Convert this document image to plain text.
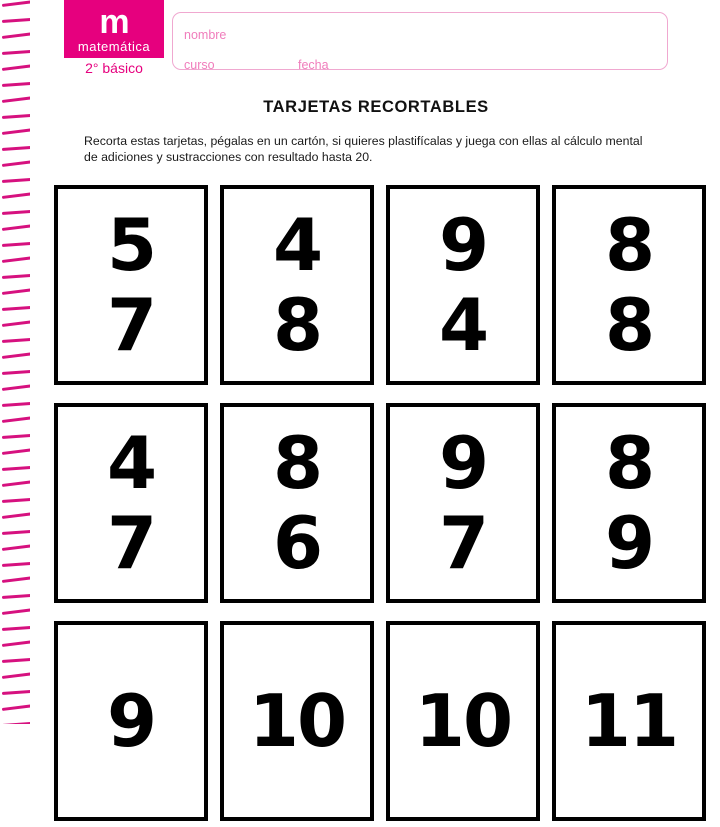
m
matemática
2° básico
nombre
curso	fecha
TARJETAS RECORTABLES
Recorta estas tarjetas, pégalas en un cartón, si quieres plastifícalas y juega con ellas al cálculo mental de adiciones y sustracciones con resultado hasta 20.
5
7
4
8
9
4
8
8
4
7
8
6
9
7
8
9
9 10 10 11
